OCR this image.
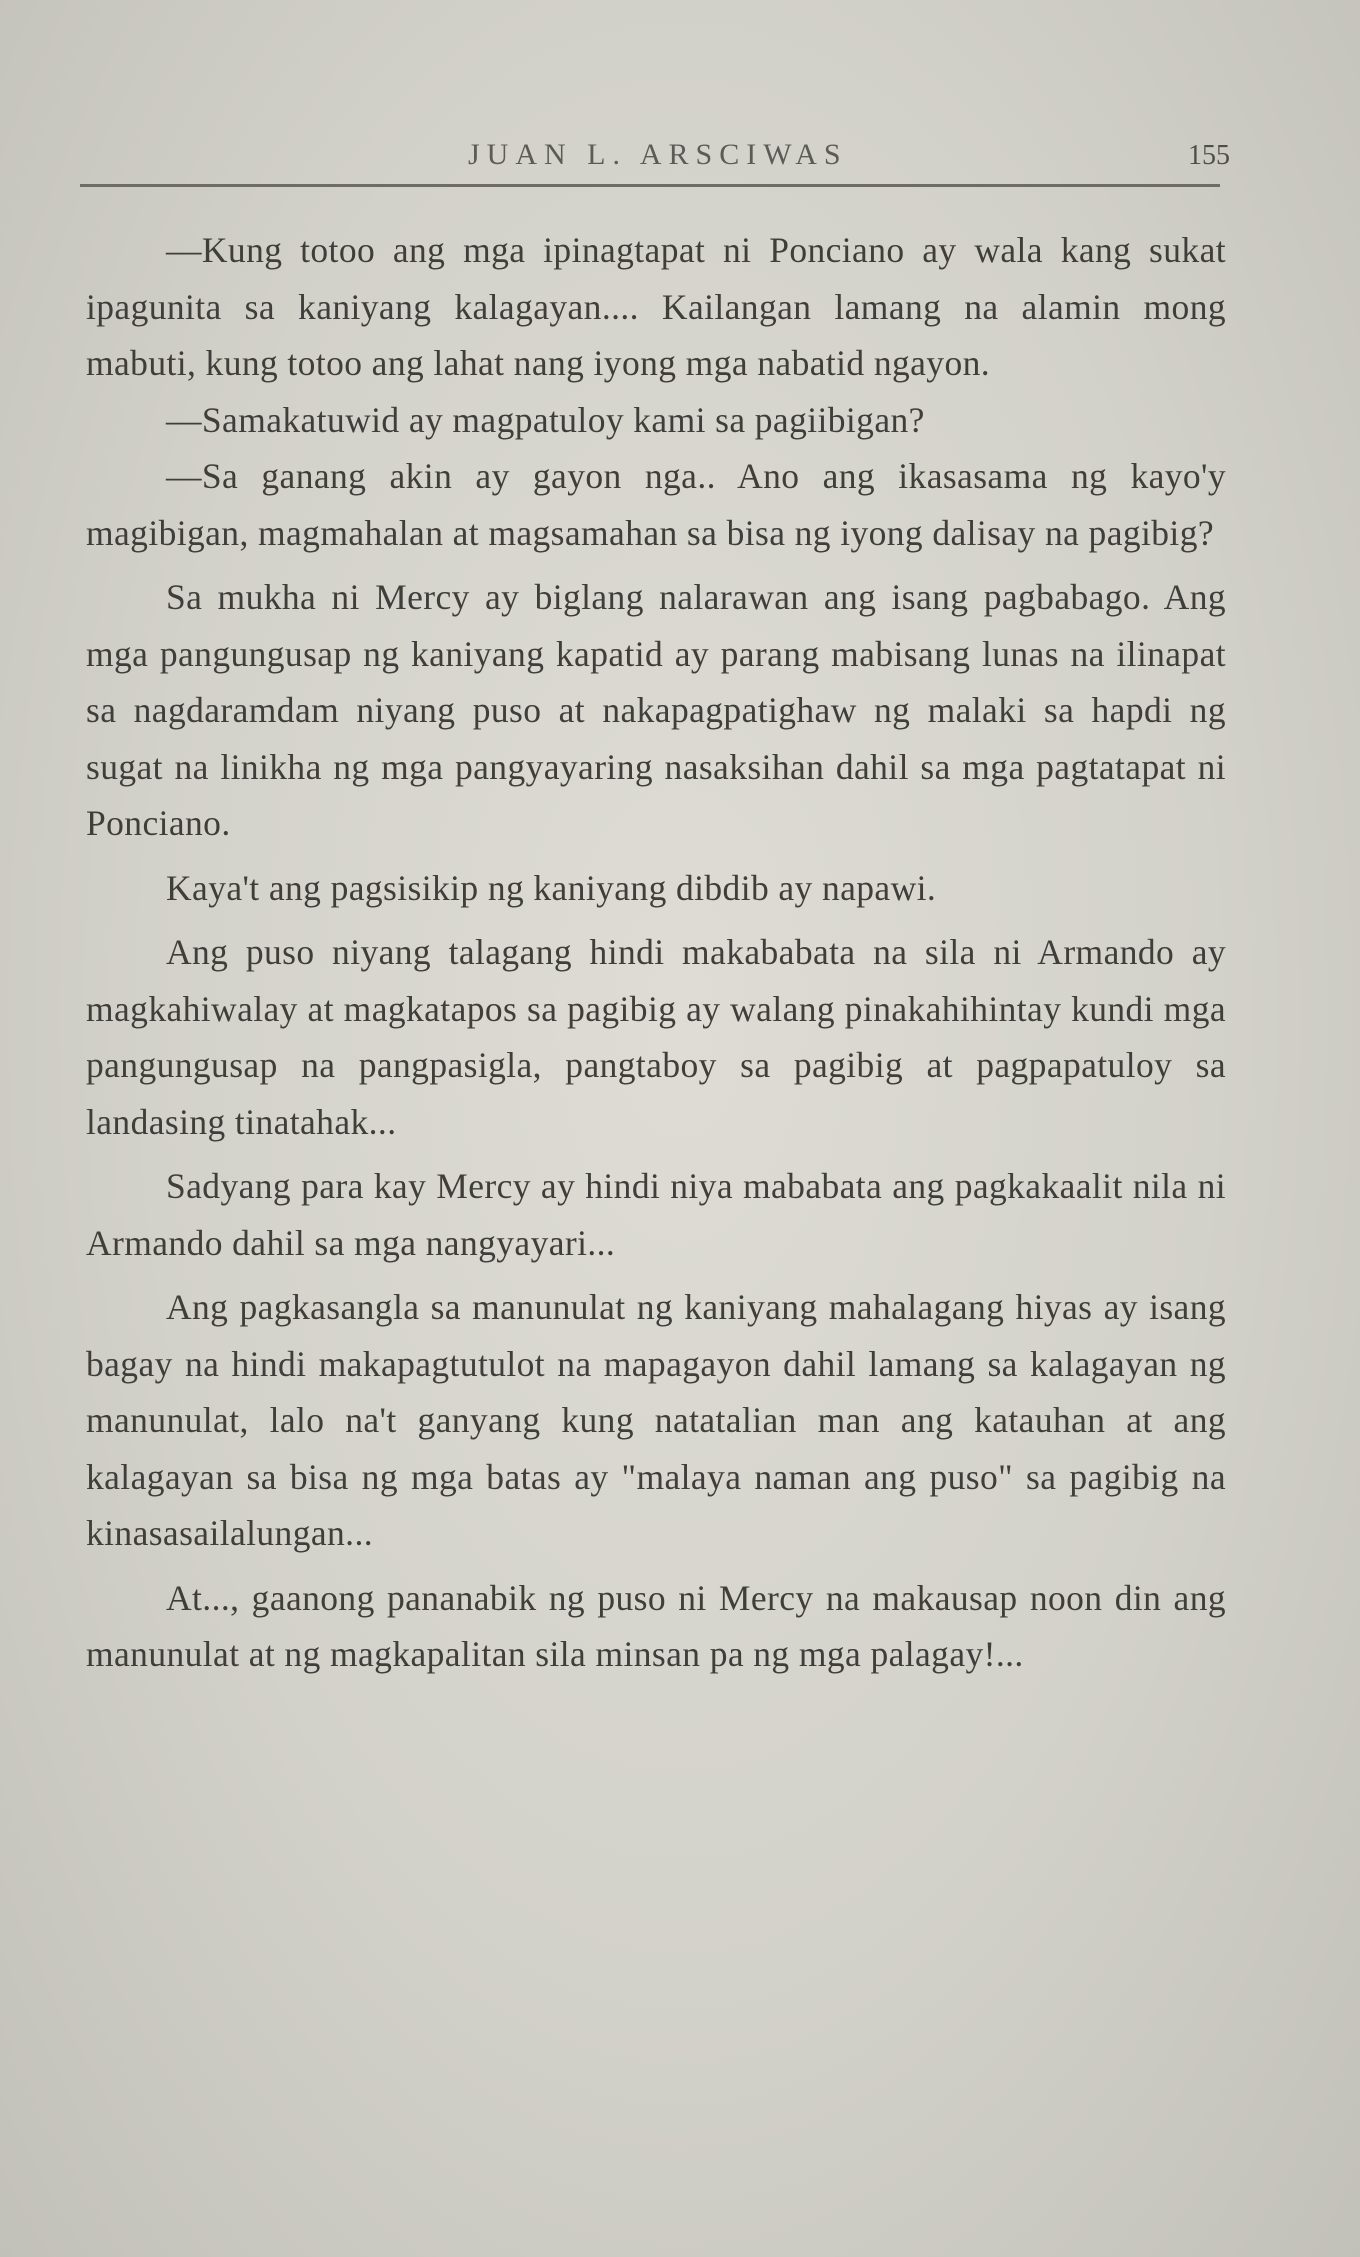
JUAN L. ARSCIWAS	155

—Kung totoo ang mga ipinagtapat ni Ponciano ay wala kang sukat ipagunita sa kaniyang kalagayan.... Kailangan lamang na alamin mong mabuti, kung totoo ang lahat nang iyong mga nabatid ngayon.

—Samakatuwid ay magpatuloy kami sa pagiibigan?

—Sa ganang akin ay gayon nga.. Ano ang ikasasama ng kayo'y magibigan, magmahalan at magsamahan sa bisa ng iyong dalisay na pagibig?

Sa mukha ni Mercy ay biglang nalarawan ang isang pagbabago. Ang mga pangungusap ng kaniyang kapatid ay parang mabisang lunas na ilinapat sa nagdaramdam niyang puso at nakapagpatighaw ng malaki sa hapdi ng sugat na linikha ng mga pangyayaring nasaksihan dahil sa mga pagtatapat ni Ponciano.

Kaya't ang pagsisikip ng kaniyang dibdib ay napawi.

Ang puso niyang talagang hindi makababata na sila ni Armando ay magkahiwalay at magkatapos sa pagibig ay walang pinakahihintay kundi mga pangungusap na pangpasigla, pangtaboy sa pagibig at pagpapatuloy sa landasing tinatahak...

Sadyang para kay Mercy ay hindi niya mababata ang pagkakaalit nila ni Armando dahil sa mga nangyayari...

Ang pagkasangla sa manunulat ng kaniyang mahalagang hiyas ay isang bagay na hindi makapagtutulot na mapagayon dahil lamang sa kalagayan ng manunulat, lalo na't ganyang kung natatalian man ang katauhan at ang kalagayan sa bisa ng mga batas ay "malaya naman ang puso" sa pagibig na kinasasailalungan...

At..., gaanong pananabik ng puso ni Mercy na makausap noon din ang manunulat at ng magkapalitan sila minsan pa ng mga palagay!...
